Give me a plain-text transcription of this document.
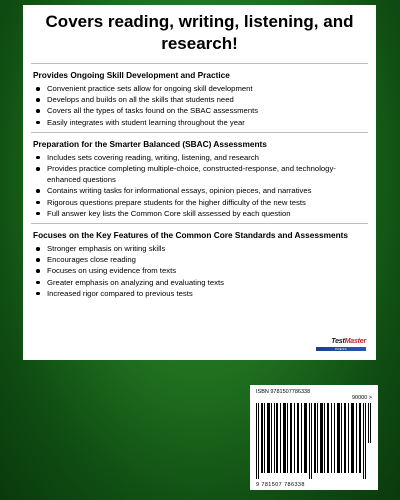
Covers reading, writing, listening, and research!
Provides Ongoing Skill Development and Practice
Convenient practice sets allow for ongoing skill development
Develops and builds on all the skills that students need
Covers all the types of tasks found on the SBAC assessments
Easily integrates with student learning throughout the year
Preparation for the Smarter Balanced (SBAC) Assessments
Includes sets covering reading, writing, listening, and research
Provides practice completing multiple-choice, constructed-response, and technology-enhanced questions
Contains writing tasks for informational essays, opinion pieces, and narratives
Rigorous questions prepare students for the higher difficulty of the new tests
Full answer key lists the Common Core skill assessed by each question
Focuses on the Key Features of the Common Core Standards and Assessments
Stronger emphasis on writing skills
Encourages close reading
Focuses on using evidence from texts
Greater emphasis on analyzing and evaluating texts
Increased rigor compared to previous tests
TestMaster
PRESS
ISBN 9781507786338
90000 >
9 781507 786338
